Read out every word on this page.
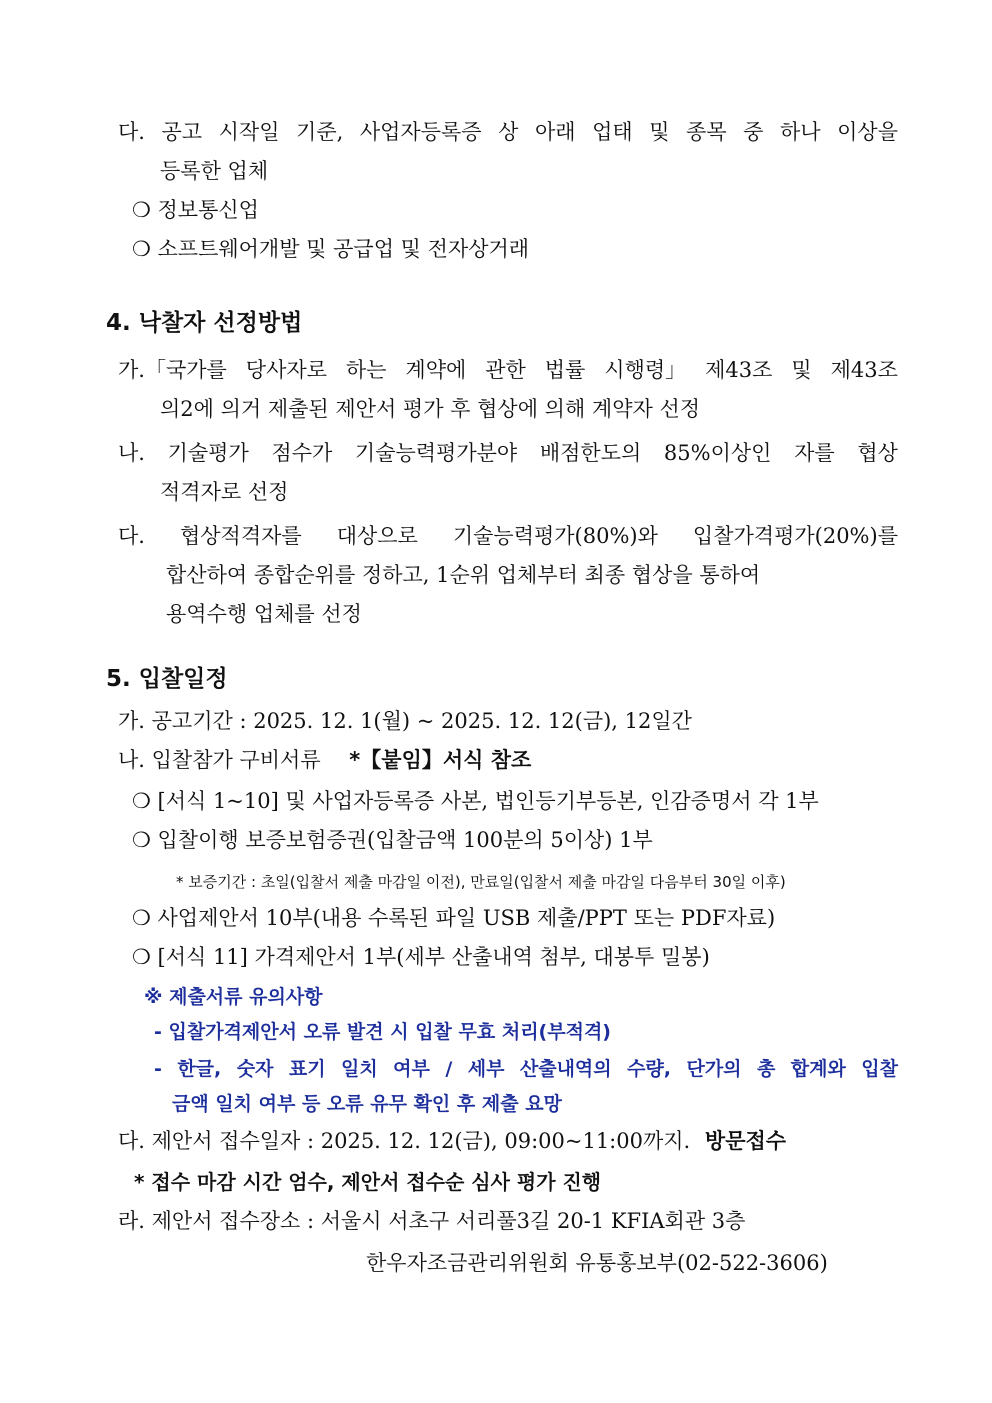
다. 공고 시작일 기준, 사업자등록증 상 아래 업태 및 종목 중 하나 이상을
등록한 업체
❍ 정보통신업
❍ 소프트웨어개발 및 공급업 및 전자상거래
4. 낙찰자 선정방법
가.「국가를 당사자로 하는 계약에 관한 법률 시행령」 제43조 및 제43조
의2에 의거 제출된 제안서 평가 후 협상에 의해 계약자 선정
나. 기술평가 점수가 기술능력평가분야 배점한도의 85%이상인 자를 협상
적격자로 선정
다. 협상적격자를 대상으로 기술능력평가(80%)와 입찰가격평가(20%)를
합산하여 종합순위를 정하고, 1순위 업체부터 최종 협상을 통하여
용역수행 업체를 선정
5. 입찰일정
가. 공고기간 : 2025. 12. 1(월) ~ 2025. 12. 12(금), 12일간
나. 입찰참가 구비서류 *【붙임】서식 참조
❍ [서식 1~10] 및 사업자등록증 사본, 법인등기부등본, 인감증명서 각 1부
❍ 입찰이행 보증보험증권(입찰금액 100분의 5이상) 1부
* 보증기간 : 초일(입찰서 제출 마감일 이전), 만료일(입찰서 제출 마감일 다음부터 30일 이후)
❍ 사업제안서 10부(내용 수록된 파일 USB 제출/PPT 또는 PDF자료)
❍ [서식 11] 가격제안서 1부(세부 산출내역 첨부, 대봉투 밀봉)
※ 제출서류 유의사항
- 입찰가격제안서 오류 발견 시 입찰 무효 처리(부적격)
- 한글, 숫자 표기 일치 여부 / 세부 산출내역의 수량, 단가의 총 합계와 입찰
금액 일치 여부 등 오류 유무 확인 후 제출 요망
다. 제안서 접수일자 : 2025. 12. 12(금), 09:00~11:00까지. 방문접수
* 접수 마감 시간 엄수, 제안서 접수순 심사 평가 진행
라. 제안서 접수장소 : 서울시 서초구 서리풀3길 20-1 KFIA회관 3층
한우자조금관리위원회 유통홍보부(02-522-3606)
